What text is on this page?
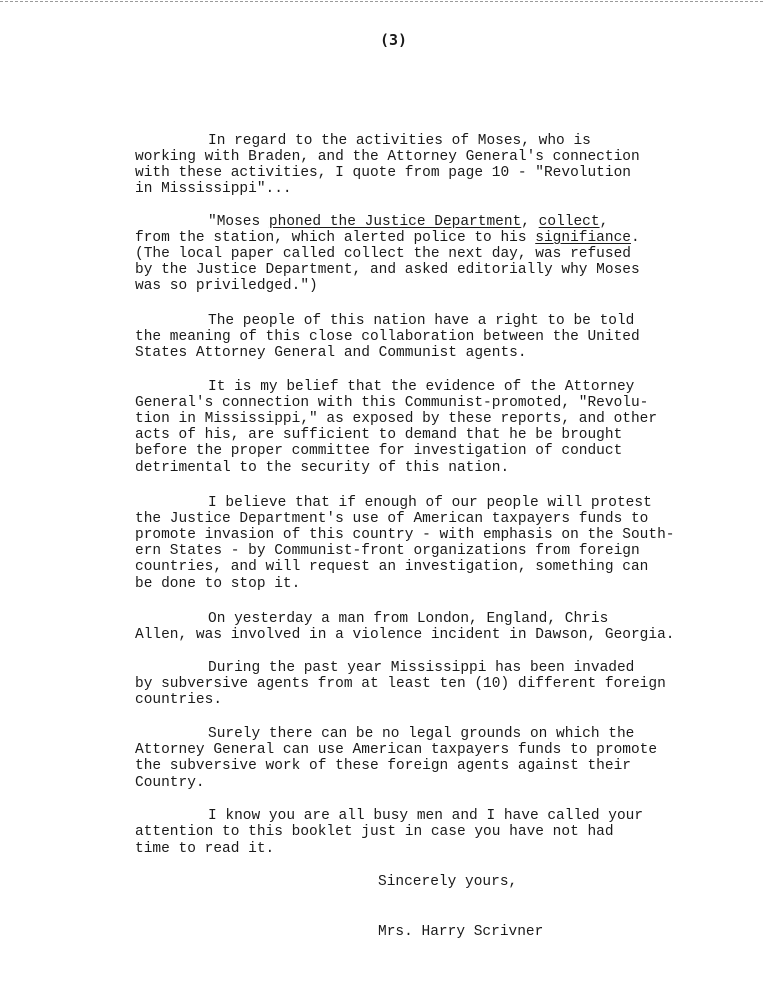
(3)

In regard to the activities of Moses, who is

working with Braden, and the Attorney General's connection

with these activities, I quote from page 10 - "Revolution

in Mississippi"...

"Moses phoned the Justice Department, collect,

from the station, which alerted police to his signifiance.

(The local paper called collect the next day, was refused

by the Justice Department, and asked editorially why Moses

was so priviledged.")

The people of this nation have a right to be told

the meaning of this close collaboration between the United

States Attorney General and Communist agents.

It is my belief that the evidence of the Attorney

General's connection with this Communist-promoted, "Revolu-

tion in Mississippi," as exposed by these reports, and other

acts of his, are sufficient to demand that he be brought

before the proper committee for investigation of conduct

detrimental to the security of this nation.

I believe that if enough of our people will protest

the Justice Department's use of American taxpayers funds to

promote invasion of this country - with emphasis on the South-

ern States - by Communist-front organizations from foreign

countries, and will request an investigation, something can

be done to stop it.

On yesterday a man from London, England, Chris

Allen, was involved in a violence incident in Dawson, Georgia.

During the past year Mississippi has been invaded

by subversive agents from at least ten (10) different foreign

countries.

Surely there can be no legal grounds on which the

Attorney General can use American taxpayers funds to promote

the subversive work of these foreign agents against their

Country.

I know you are all busy men and I have called your

attention to this booklet just in case you have not had

time to read it.

Sincerely yours,

Mrs. Harry Scrivner
